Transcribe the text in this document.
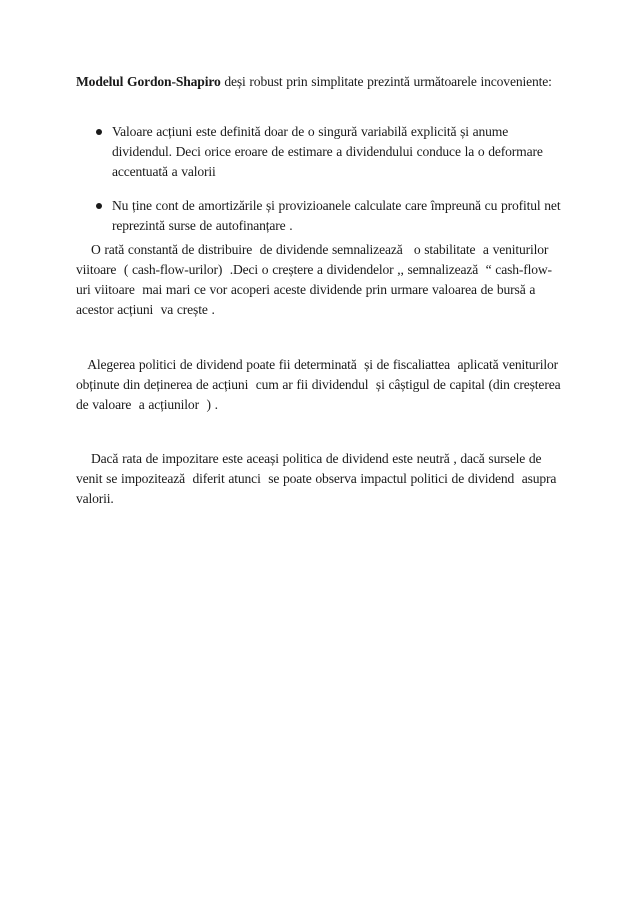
Modelul Gordon-Shapiro deși robust prin simplitate prezintă următoarele incoveniente:

Valoare acțiuni este definită doar de o singură variabilă explicită și anume dividendul. Deci orice eroare de estimare a dividendului conduce la o deformare accentuată a valorii
Nu ține cont de amortizările și provizioanele calculate care împreună cu profitul net reprezintă surse de autofinanțare .

O rată constantă de distribuire  de dividende semnalizează   o stabilitate  a veniturilor  viitoare  ( cash-flow-urilor)  .Deci o creștere a dividendelor ,, semnalizează  “ cash-flow-uri viitoare  mai mari ce vor acoperi aceste dividende prin urmare valoarea de bursă a acestor acțiuni  va crește .

Alegerea politici de dividend poate fii determinată  și de fiscaliattea  aplicată veniturilor  obținute din deținerea de acțiuni  cum ar fii dividendul  și câștigul de capital (din creșterea de valoare  a acțiunilor  ) .

Dacă rata de impozitare este aceași politica de dividend este neutră , dacă sursele de venit se impozitează  diferit atunci  se poate observa impactul politici de dividend  asupra valorii.
